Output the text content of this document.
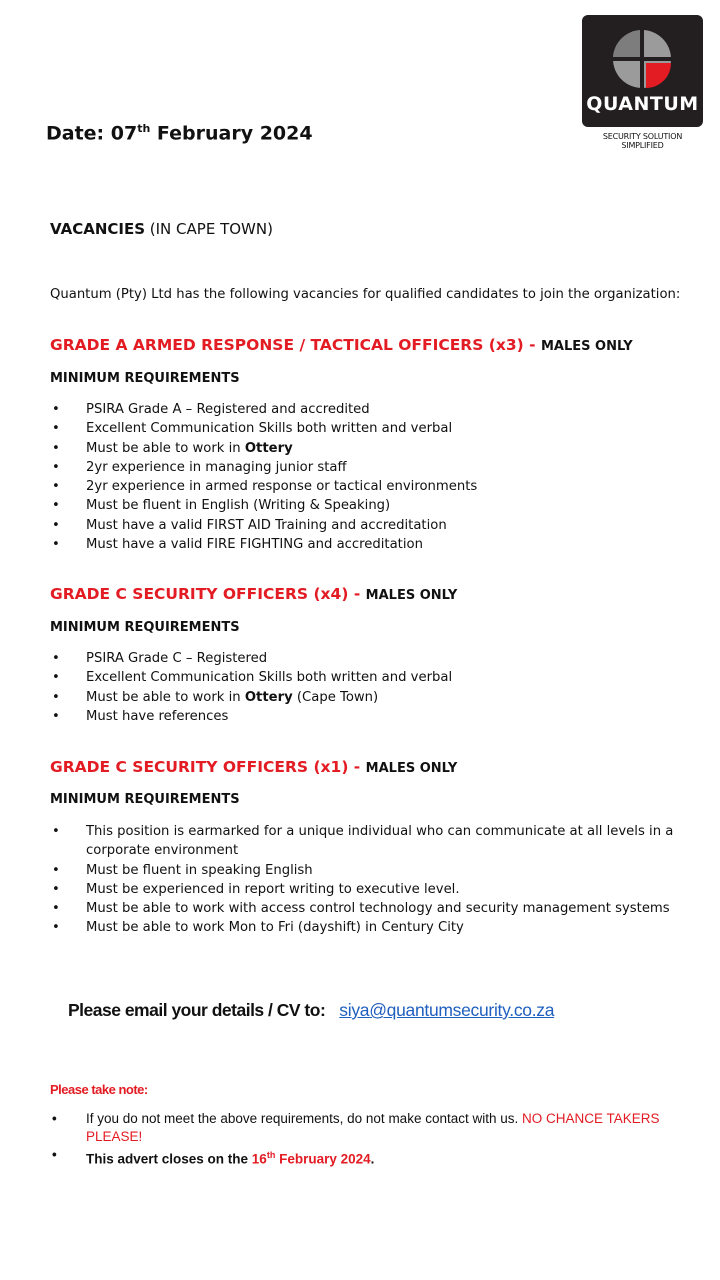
QUANTUM
SECURITY SOLUTION SIMPLIFIED
Date: 07th February 2024
VACANCIES (IN CAPE TOWN)
Quantum (Pty) Ltd has the following vacancies for qualified candidates to join the organization:
GRADE A ARMED RESPONSE / TACTICAL OFFICERS (x3) - MALES ONLY
MINIMUM REQUIREMENTS
• PSIRA Grade A – Registered and accredited
• Excellent Communication Skills both written and verbal
• Must be able to work in Ottery
• 2yr experience in managing junior staff
• 2yr experience in armed response or tactical environments
• Must be fluent in English (Writing & Speaking)
• Must have a valid FIRST AID Training and accreditation
• Must have a valid FIRE FIGHTING and accreditation
GRADE C SECURITY OFFICERS (x4) - MALES ONLY
MINIMUM REQUIREMENTS
• PSIRA Grade C – Registered
• Excellent Communication Skills both written and verbal
• Must be able to work in Ottery (Cape Town)
• Must have references
GRADE C SECURITY OFFICERS (x1) - MALES ONLY
MINIMUM REQUIREMENTS
• This position is earmarked for a unique individual who can communicate at all levels in a corporate environment
• Must be fluent in speaking English
• Must be experienced in report writing to executive level.
• Must be able to work with access control technology and security management systems
• Must be able to work Mon to Fri (dayshift) in Century City
Please email your details / CV to: siya@quantumsecurity.co.za
Please take note:
• If you do not meet the above requirements, do not make contact with us. NO CHANCE TAKERS PLEASE!
• This advert closes on the 16th February 2024.
